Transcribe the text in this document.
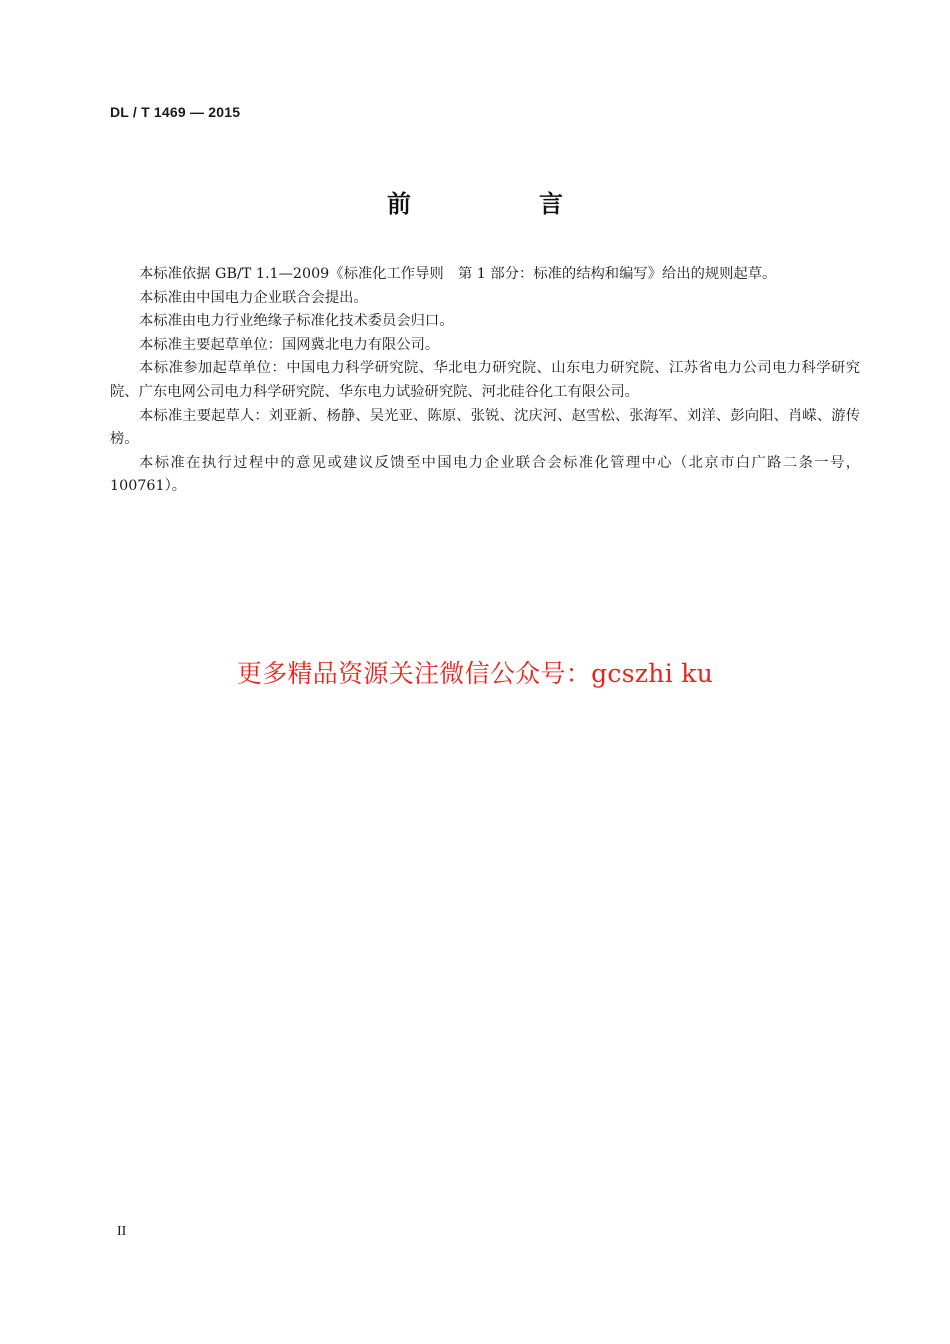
DL / T 1469 — 2015
前　言

本标准依据 GB/T 1.1—2009《标准化工作导则　第 1 部分：标准的结构和编写》给出的规则起草。

本标准由中国电力企业联合会提出。

本标准由电力行业绝缘子标准化技术委员会归口。

本标准主要起草单位：国网冀北电力有限公司。

本标准参加起草单位：中国电力科学研究院、华北电力研究院、山东电力研究院、江苏省电力公司电力科学研究院、广东电网公司电力科学研究院、华东电力试验研究院、河北硅谷化工有限公司。

本标准主要起草人：刘亚新、杨静、吴光亚、陈原、张锐、沈庆河、赵雪松、张海军、刘洋、彭向阳、肖嵘、游传榜。

本标准在执行过程中的意见或建议反馈至中国电力企业联合会标准化管理中心（北京市白广路二条一号，100761）。

更多精品资源关注微信公众号：gcszhi ku
II
